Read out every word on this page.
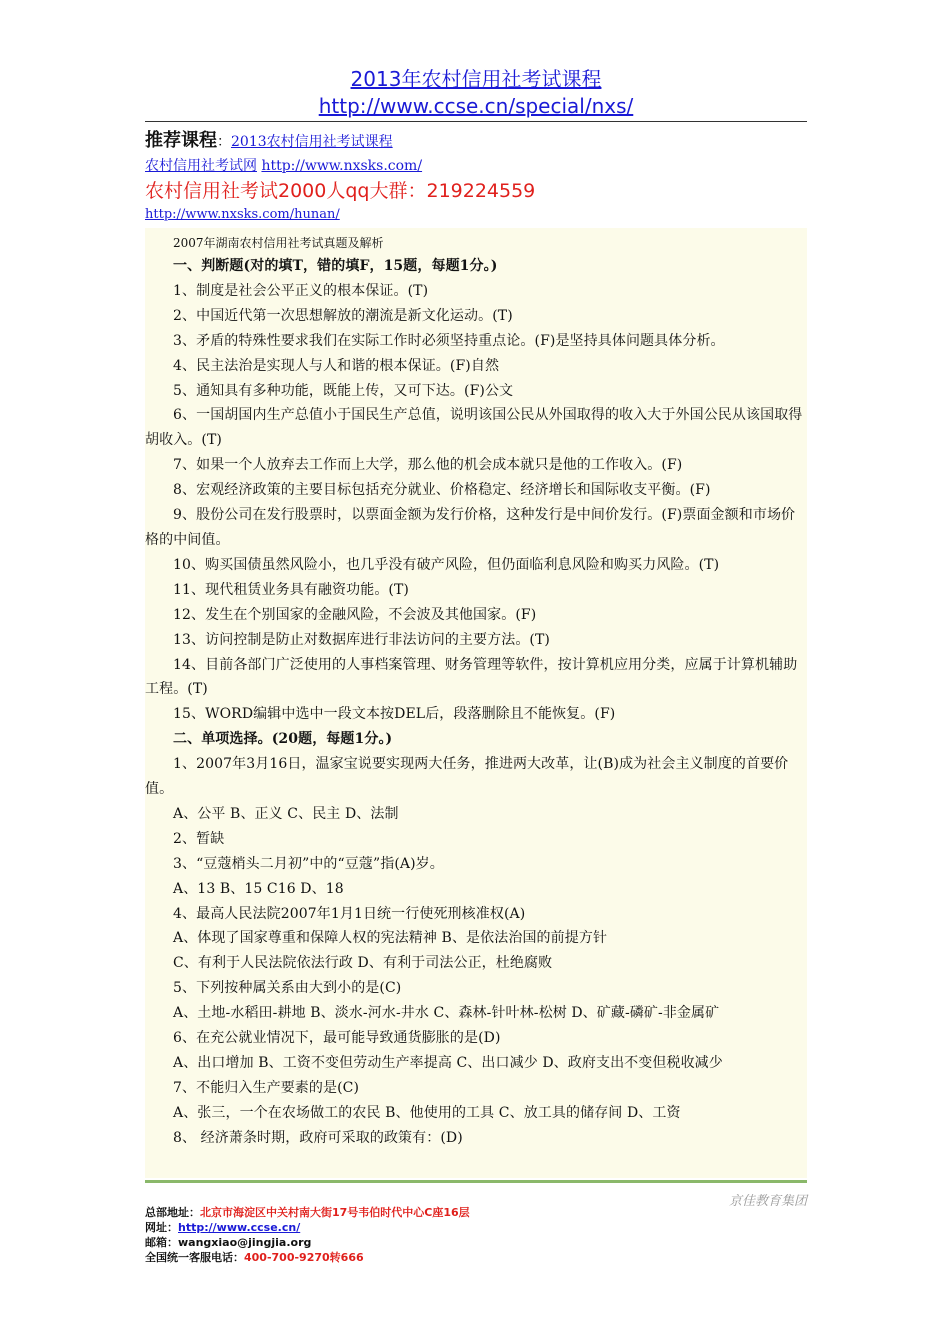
2013年农村信用社考试课程
http://www.ccse.cn/special/nxs/
推荐课程：2013农村信用社考试课程
农村信用社考试网 http://www.nxsks.com/
农村信用社考试2000人qq大群：219224559
http://www.nxsks.com/hunan/
2007年湖南农村信用社考试真题及解析

一、判断题(对的填T，错的填F，15题，每题1分。)

1、制度是社会公平正义的根本保证。(T)

2、中国近代第一次思想解放的潮流是新文化运动。(T)

3、矛盾的特殊性要求我们在实际工作时必须坚持重点论。(F)是坚持具体问题具体分析。

4、民主法治是实现人与人和谐的根本保证。(F)自然

5、通知具有多种功能，既能上传，又可下达。(F)公文

6、一国胡国内生产总值小于国民生产总值，说明该国公民从外国取得的收入大于外国公民从该国取得胡收入。(T)

7、如果一个人放弃去工作而上大学，那么他的机会成本就只是他的工作收入。(F)

8、宏观经济政策的主要目标包括充分就业、价格稳定、经济增长和国际收支平衡。(F)

9、股份公司在发行股票时，以票面金额为发行价格，这种发行是中间价发行。(F)票面金额和市场价格的中间值。

10、购买国债虽然风险小，也几乎没有破产风险，但仍面临利息风险和购买力风险。(T)

11、现代租赁业务具有融资功能。(T)

12、发生在个别国家的金融风险，不会波及其他国家。(F)

13、访问控制是防止对数据库进行非法访问的主要方法。(T)

14、目前各部门广泛使用的人事档案管理、财务管理等软件，按计算机应用分类，应属于计算机辅助工程。(T)

15、WORD编辑中选中一段文本按DEL后，段落删除且不能恢复。(F)

二、单项选择。(20题，每题1分。)

1、2007年3月16日，温家宝说要实现两大任务，推进两大改革，让(B)成为社会主义制度的首要价值。

A、公平 B、正义 C、民主 D、法制

2、暂缺

3、“豆蔻梢头二月初”中的“豆蔻”指(A)岁。

A、13 B、15 C16 D、18

4、最高人民法院2007年1月1日统一行使死刑核准权(A)

A、体现了国家尊重和保障人权的宪法精神 B、是依法治国的前提方针

C、有利于人民法院依法行政 D、有利于司法公正，杜绝腐败

5、下列按种属关系由大到小的是(C)

A、土地-水稻田-耕地 B、淡水-河水-井水 C、森林-针叶林-松树 D、矿藏-磷矿-非金属矿

6、在充公就业情况下，最可能导致通货膨胀的是(D)

A、出口增加 B、工资不变但劳动生产率提高 C、出口减少 D、政府支出不变但税收减少

7、不能归入生产要素的是(C)

A、张三，一个在农场做工的农民 B、他使用的工具 C、放工具的储存间 D、工资

8、 经济萧条时期，政府可采取的政策有：(D)

京佳教育集团
总部地址：北京市海淀区中关村南大街17号韦伯时代中心C座16层
网址：http://www.ccse.cn/
邮箱：wangxiao@jingjia.org
全国统一客服电话：400-700-9270转666
